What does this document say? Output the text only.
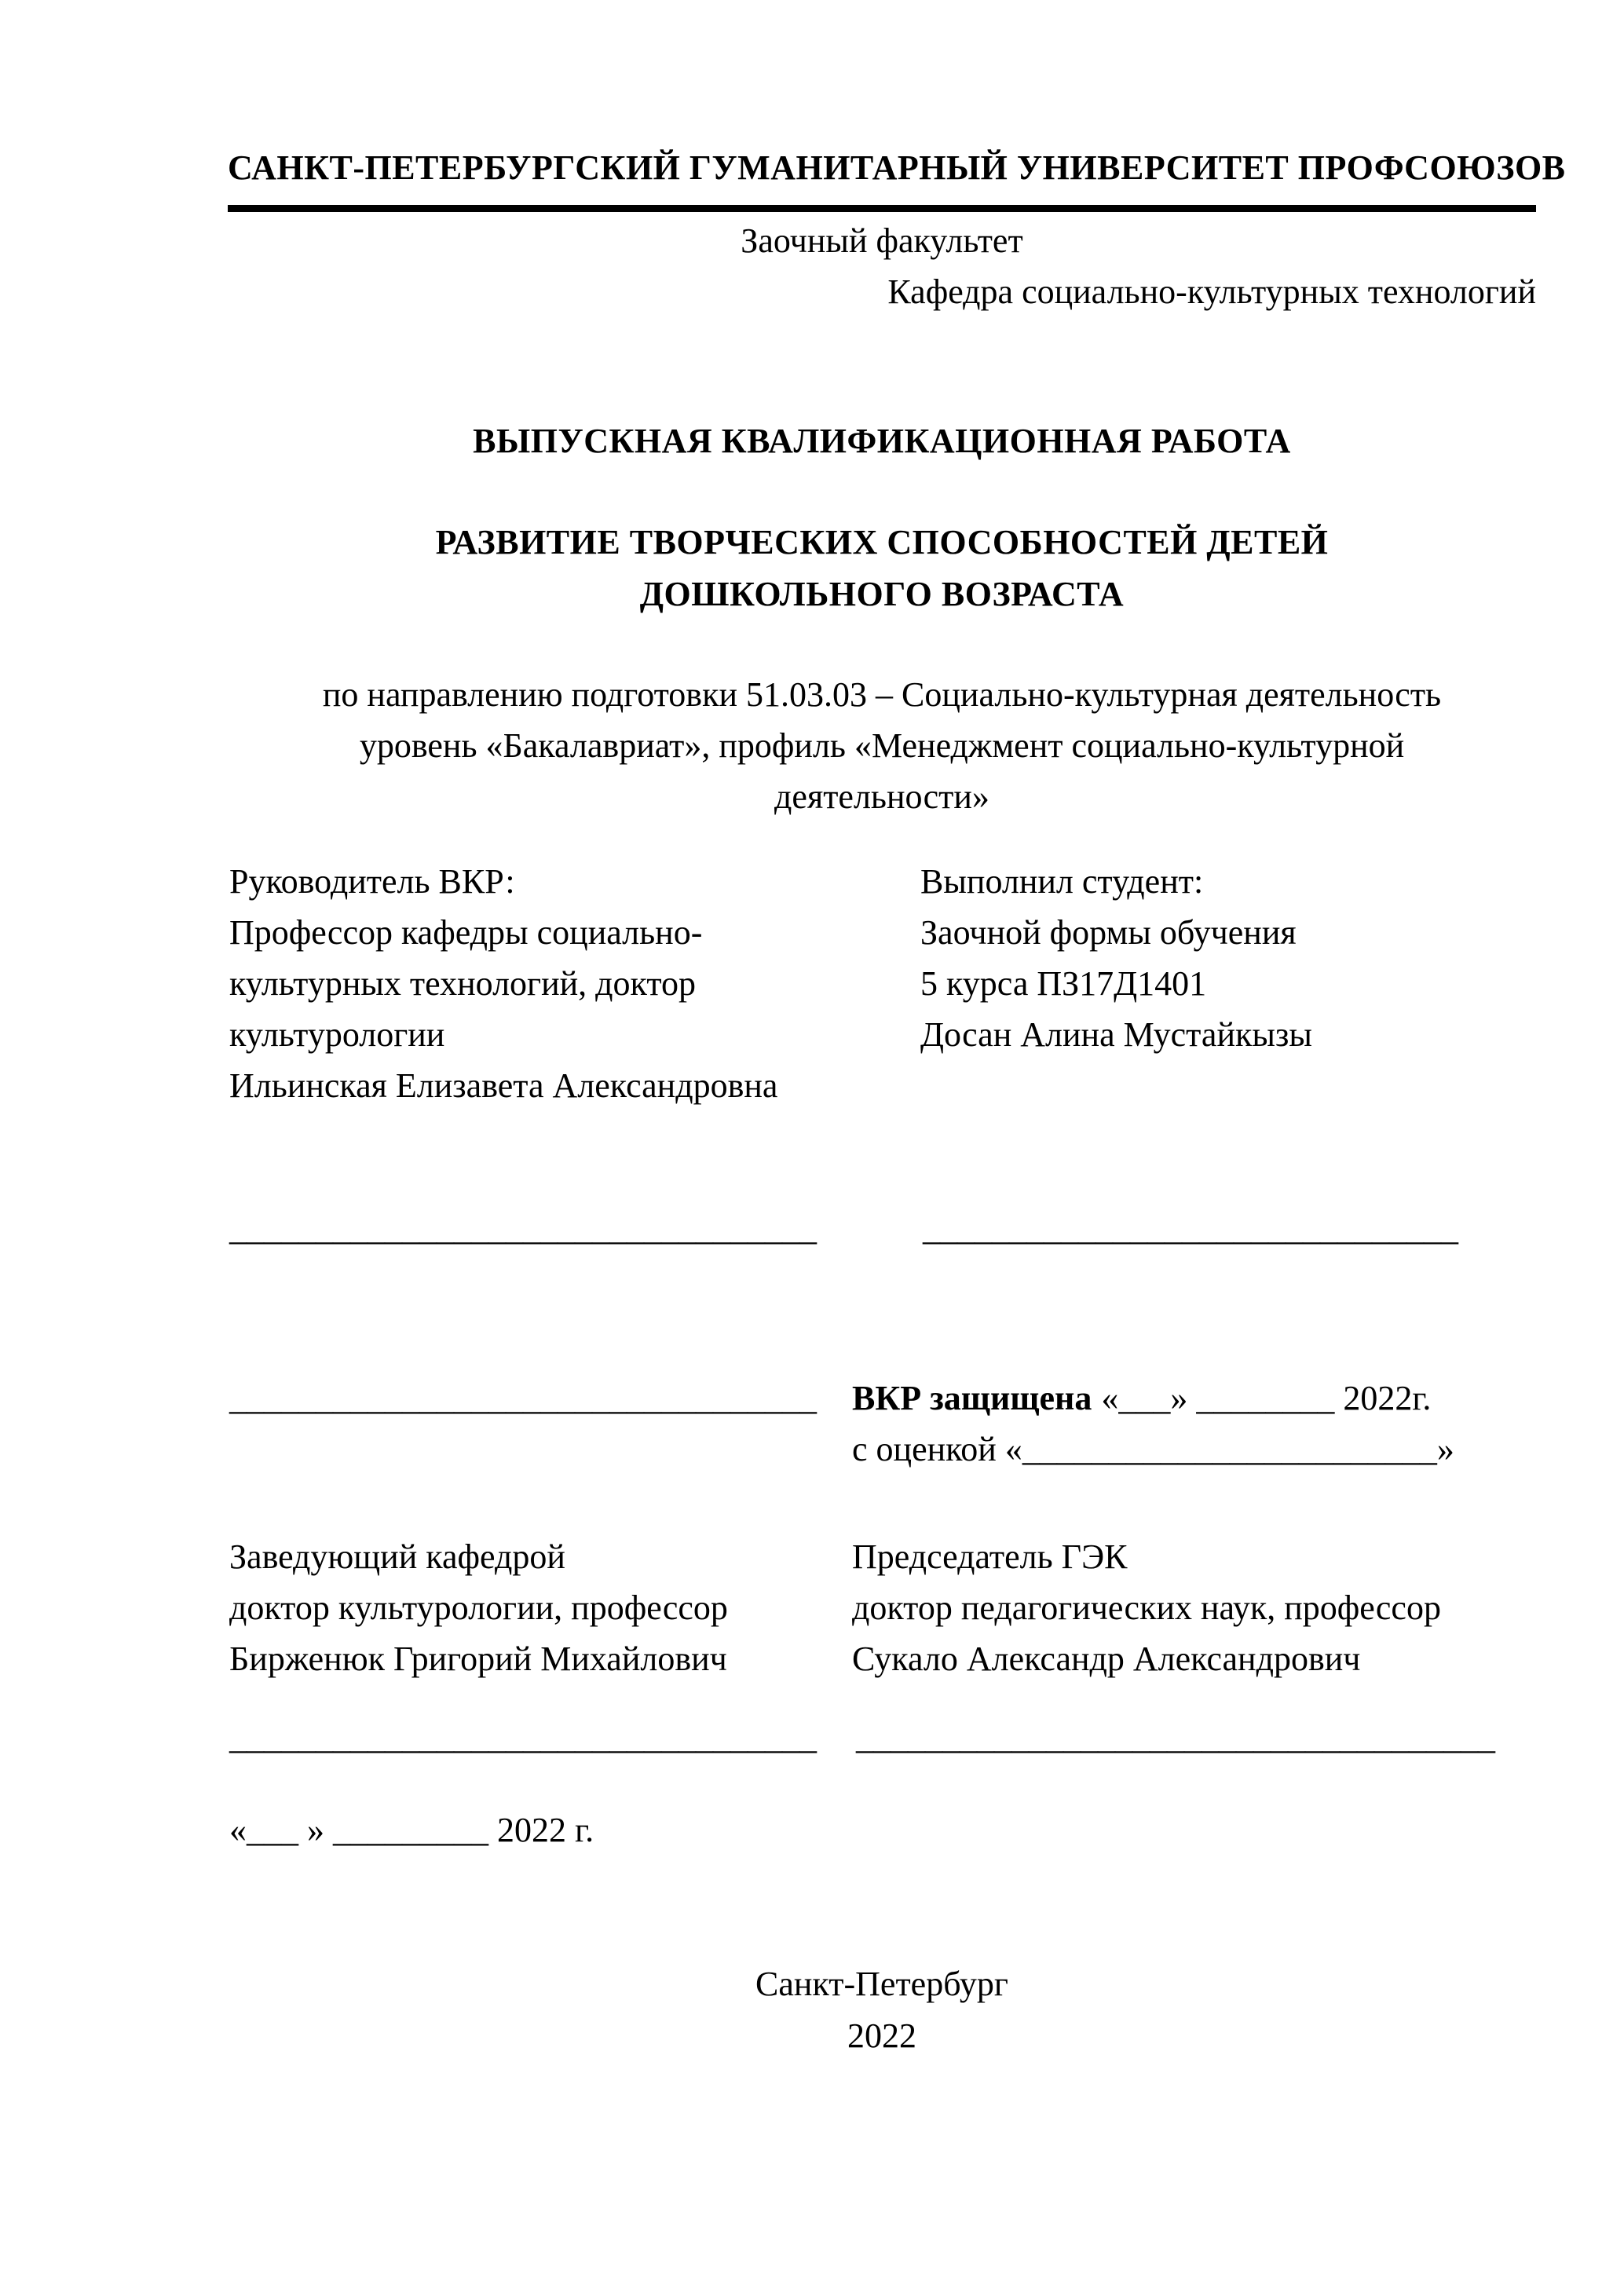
САНКТ-ПЕТЕРБУРГСКИЙ ГУМАНИТАРНЫЙ УНИВЕРСИТЕТ ПРОФСОЮЗОВ
Заочный факультет
Кафедра социально-культурных технологий
ВЫПУСКНАЯ КВАЛИФИКАЦИОННАЯ РАБОТА
РАЗВИТИЕ ТВОРЧЕСКИХ СПОСОБНОСТЕЙ ДЕТЕЙ
ДОШКОЛЬНОГО ВОЗРАСТА
по направлению подготовки 51.03.03 – Социально-культурная деятельность
уровень «Бакалавриат», профиль «Менеджмент социально-культурной
деятельности»
Руководитель ВКР:
Профессор кафедры социально-
культурных технологий, доктор
культурологии
Ильинская Елизавета Александровна
Выполнил студент:
Заочной формы обучения
5 курса ПЗ17Д1401
Досан Алина Мустайкызы
__________________________________	_______________________________
__________________________________ ВКР защищена «___» ________ 2022г.
с оценкой «________________________»
Заведующий кафедрой
доктор культурологии, профессор
Бирженюк Григорий Михайлович
Председатель ГЭК
доктор педагогических наук, профессор
Сукало Александр Александрович
__________________________________ _____________________________________
«___ » _________ 2022 г.
Санкт-Петербург
2022
